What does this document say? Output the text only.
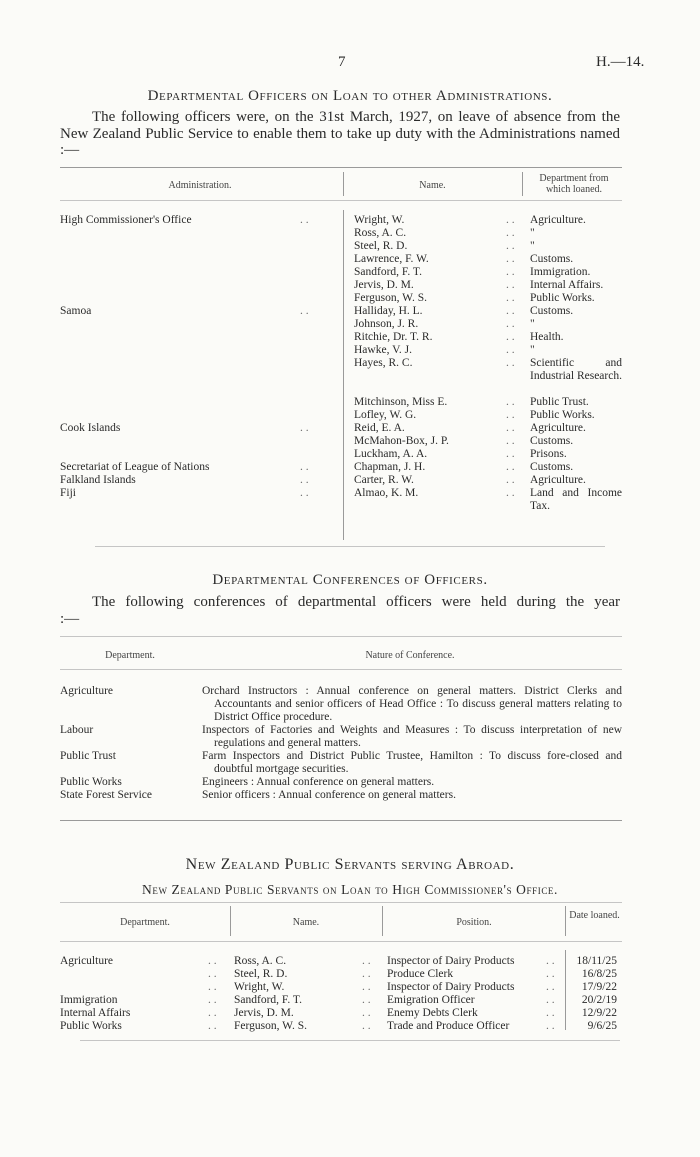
7	H.—14.
Departmental Officers on Loan to other Administrations.
The following officers were, on the 31st March, 1927, on leave of absence from the New Zealand Public Service to enable them to take up duty with the Administrations named :—
Administration.	Name.
Department from which loaned.
High Commissioner's Office	. .	Wright, W.	. . Agriculture.
Ross, A. C.	. . "
Steel, R. D.	. . "
Lawrence, F. W.	. . Customs.
Sandford, F. T.	. . Immigration.
Jervis, D. M.	. . Internal Affairs.
Ferguson, W. S.	. . Public Works.
Samoa	. .	Halliday, H. L.	. . Customs.
Johnson, J. R.	. . "
Ritchie, Dr. T. R.	. . Health.
Hawke, V. J.	. . "
Hayes, R. C.	. . Scientific and Industrial Research.
Mitchinson, Miss E.	. . Public Trust.
Lofley, W. G.	. . Public Works.
Cook Islands	. .	Reid, E. A.	. . Agriculture.
McMahon-Box, J. P.	. . Customs.
Luckham, A. A.	. . Prisons.
Secretariat of League of Nations	. .	Chapman, J. H.	. . Customs.
Falkland Islands	. .	Carter, R. W.	. . Agriculture.
Fiji	. .	Almao, K. M.	. . Land and Income Tax.
Departmental Conferences of Officers.
The following conferences of departmental officers were held during the year :—
Department.	Nature of Conference.
Agriculture	Orchard Instructors : Annual conference on general matters. District Clerks and Accountants and senior officers of Head Office : To discuss general matters relating to District Office procedure.
Labour	Inspectors of Factories and Weights and Measures : To discuss interpretation of new regulations and general matters.
Public Trust	Farm Inspectors and District Public Trustee, Hamilton : To discuss fore-closed and doubtful mortgage securities.
Public Works	Engineers : Annual conference on general matters.
State Forest Service	Senior officers : Annual conference on general matters.
New Zealand Public Servants serving Abroad.
New Zealand Public Servants on Loan to High Commissioner's Office.
Department.	Name.	Position.
Date loaned.
Agriculture	. . Ross, A. C.	. . Inspector of Dairy Products	. .	18/11/25
. . Steel, R. D.	. . Produce Clerk	. .	16/8/25
. . Wright, W.	. . Inspector of Dairy Products	. .	17/9/22
Immigration	. . Sandford, F. T.	. . Emigration Officer	. .	20/2/19
Internal Affairs	. . Jervis, D. M.	. . Enemy Debts Clerk	. .	12/9/22
Public Works	. . Ferguson, W. S.	. . Trade and Produce Officer	. .	9/6/25
